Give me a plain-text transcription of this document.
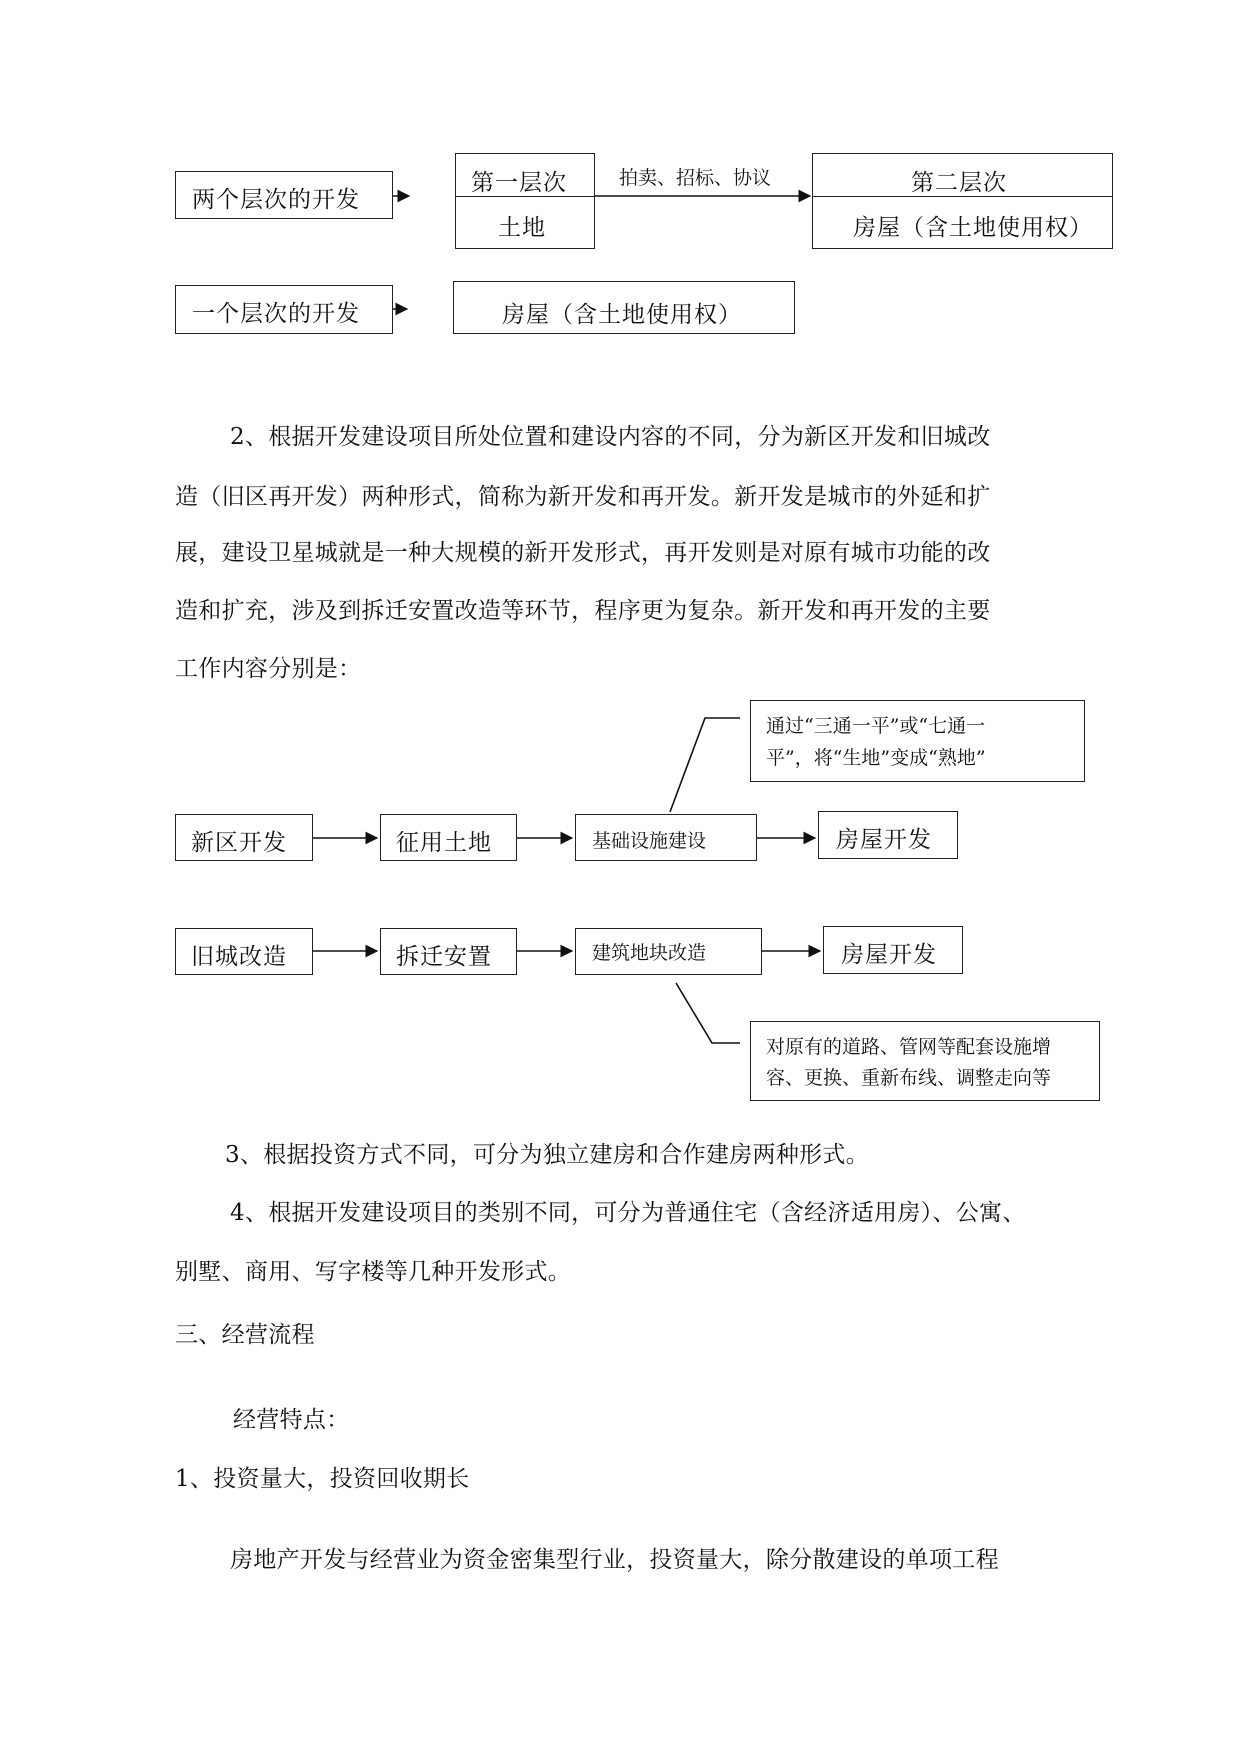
两个层次的开发
第一层次
土地
拍卖、招标、协议	第二层次
房屋（含土地使用权）
一个层次的开发	房屋（含土地使用权）
2、根据开发建设项目所处位置和建设内容的不同，分为新区开发和旧城改
造（旧区再开发）两种形式，简称为新开发和再开发。新开发是城市的外延和扩
展，建设卫星城就是一种大规模的新开发形式，再开发则是对原有城市功能的改
造和扩充，涉及到拆迁安置改造等环节，程序更为复杂。新开发和再开发的主要
工作内容分别是：
通过“三通一平”或“七通一
平”，将“生地”变成“熟地”
新区开发	征用土地	基础设施建设	房屋开发
旧城改造	拆迁安置	建筑地块改造	房屋开发
对原有的道路、管网等配套设施增
容、更换、重新布线、调整走向等
3、根据投资方式不同，可分为独立建房和合作建房两种形式。
4、根据开发建设项目的类别不同，可分为普通住宅（含经济适用房）、公寓、
别墅、商用、写字楼等几种开发形式。
三、经营流程
经营特点：
1、投资量大，投资回收期长
房地产开发与经营业为资金密集型行业，投资量大，除分散建设的单项工程
